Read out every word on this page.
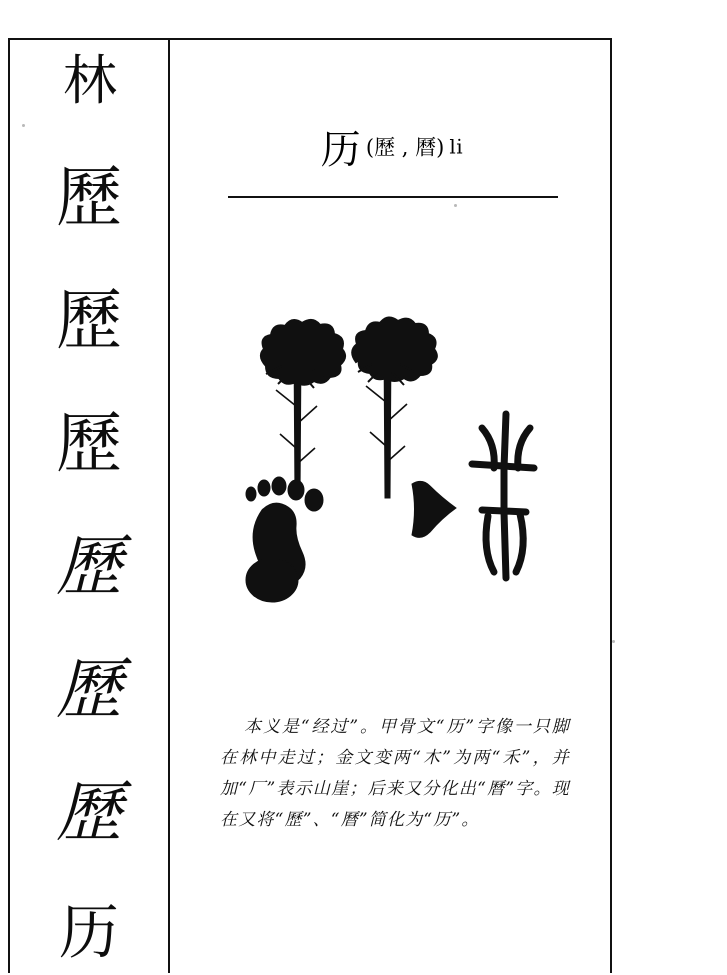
林
歷
歷
歷
歷
歷
歷
历
历 (歷 , 曆) li
本义是“经过”。甲骨文“历”字像一只脚在林中走过；金文变两“木”为两“禾”，并加“厂”表示山崖；后来又分化出“曆”字。现在又将“歷”、“曆”简化为“历”。
